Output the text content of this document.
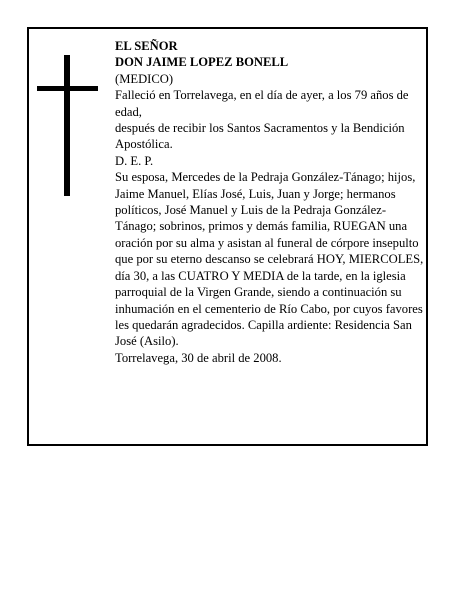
EL SEÑOR

DON JAIME LOPEZ BONELL

(MEDICO)

Falleció en Torrelavega, en el día de ayer, a los 79 años de edad,

después de recibir los Santos Sacramentos y la Bendición Apostólica.

D. E. P.

Su esposa, Mercedes de la Pedraja González-Tánago; hijos, Jaime Manuel, Elías José, Luis, Juan y Jorge; hermanos políticos, José Manuel y Luis de la Pedraja González-Tánago; sobrinos, primos y demás familia, RUEGAN una oración por su alma y asistan al funeral de córpore insepulto que por su eterno descanso se celebrará HOY, MIERCOLES, día 30, a las CUATRO Y MEDIA de la tarde, en la iglesia parroquial de la Virgen Grande, siendo a continuación su inhumación en el cementerio de Río Cabo, por cuyos favores les quedarán agradecidos. Capilla ardiente: Residencia San José (Asilo).

Torrelavega, 30 de abril de 2008.
